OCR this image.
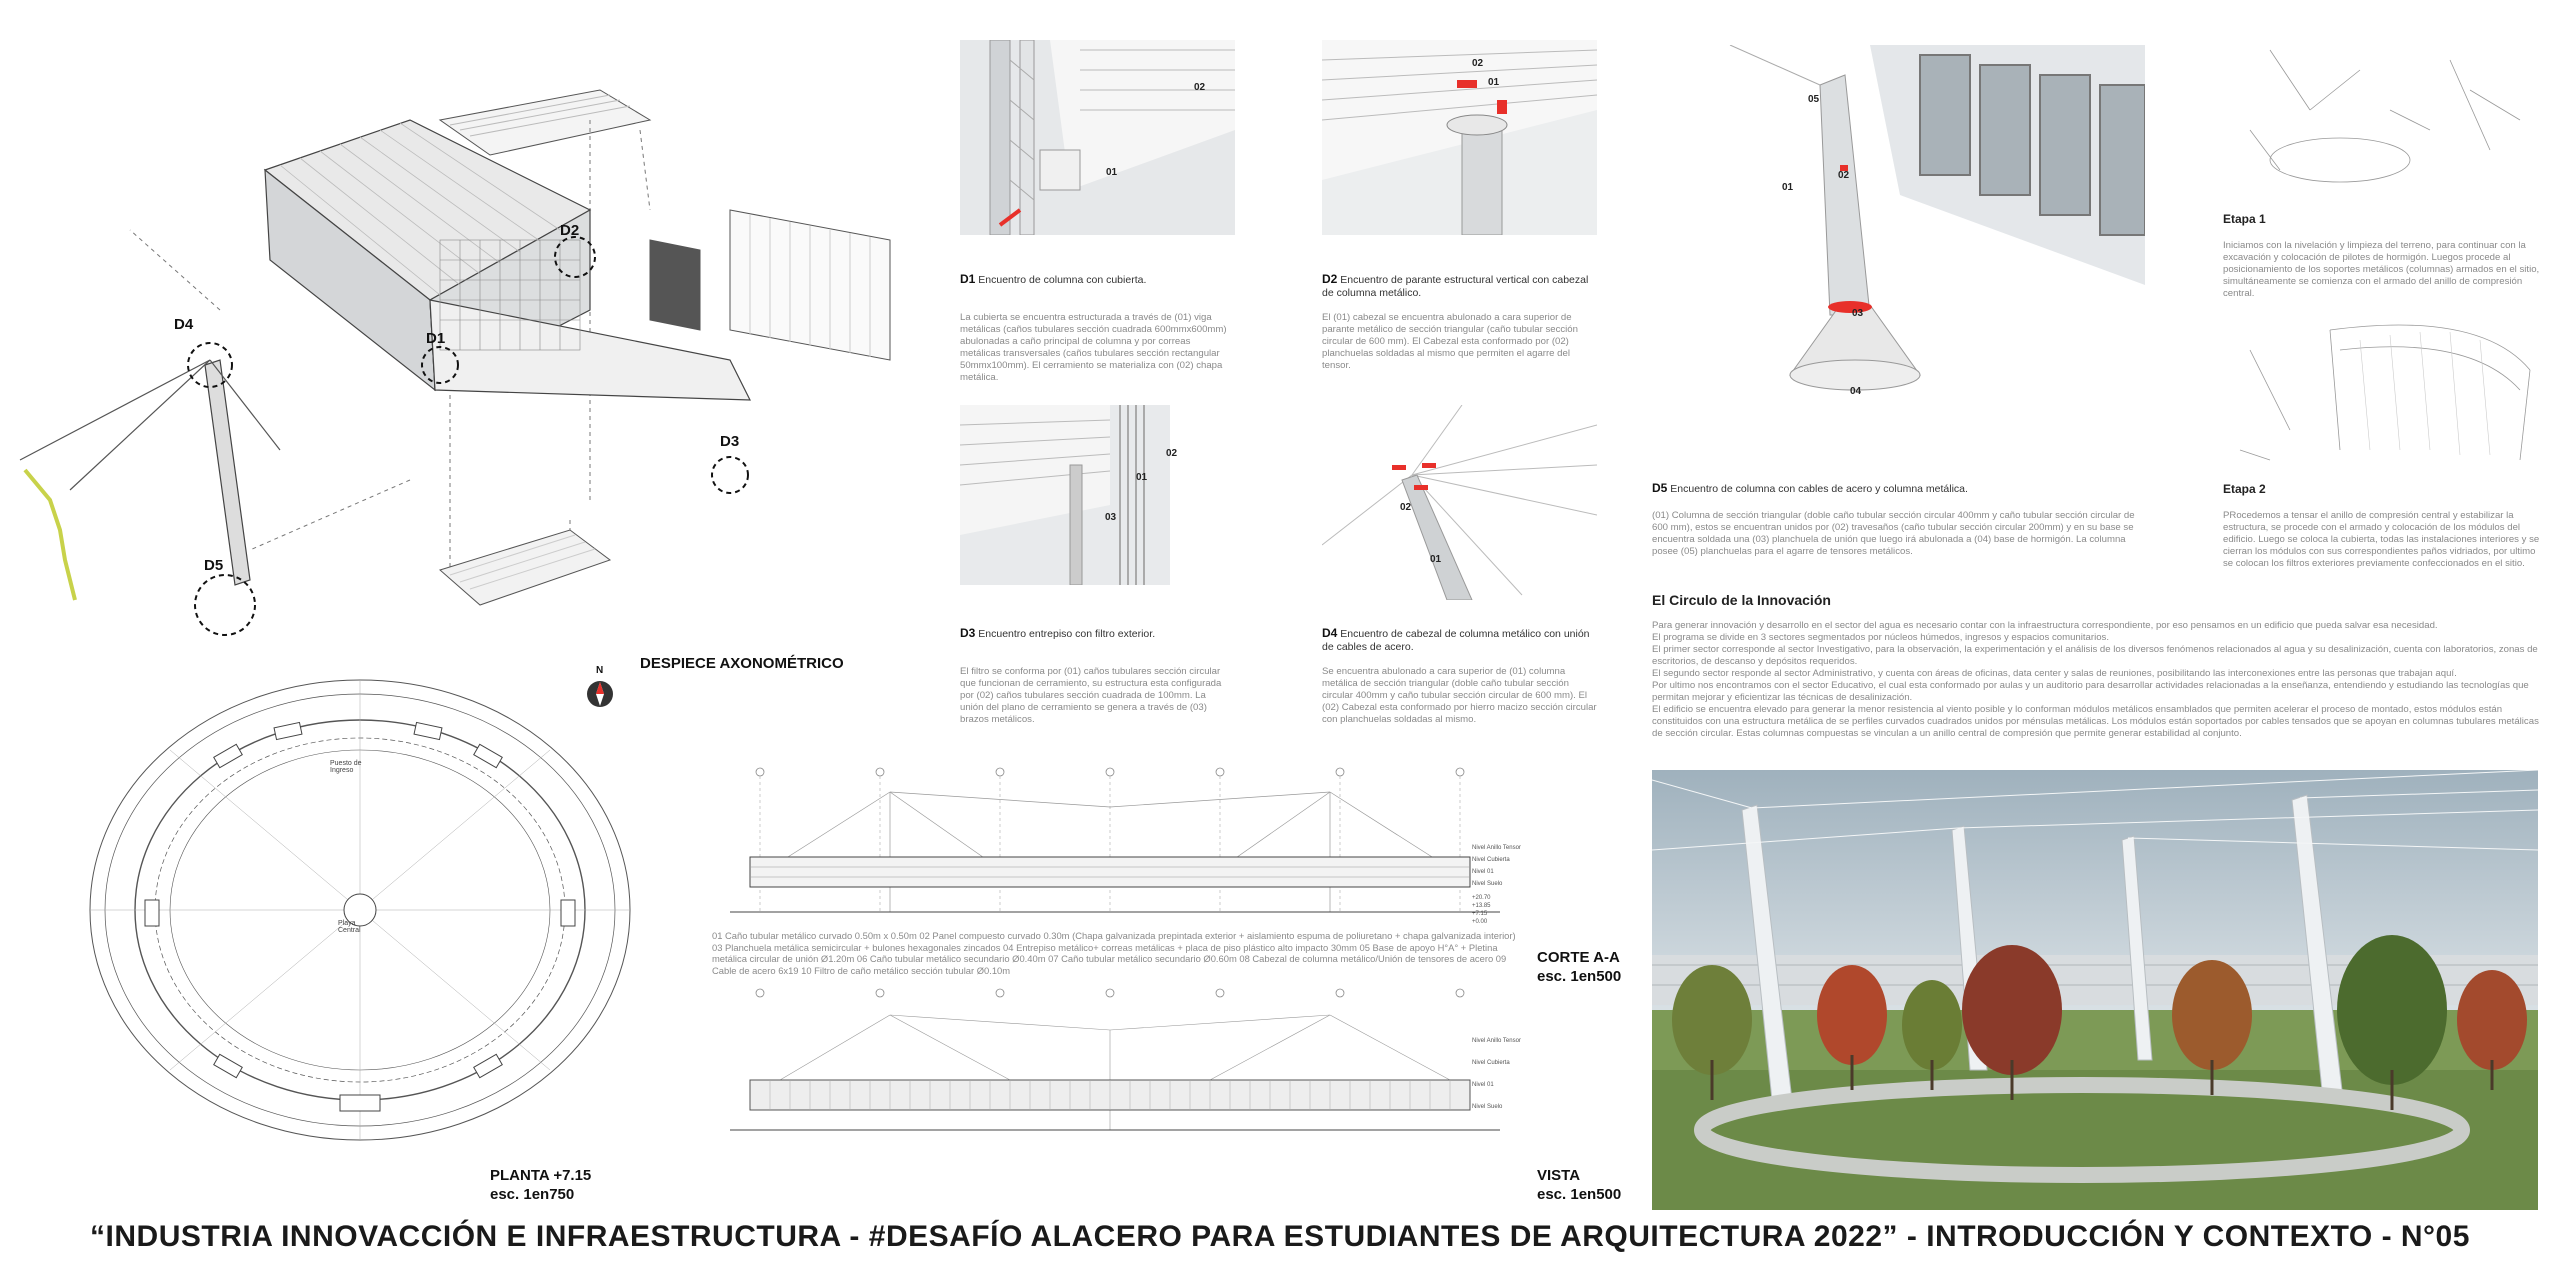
D4
D2
D1
D3
D5
DESPIECE AXONOMÉTRICO
Playa Central
Puesto de Ingreso
N
PLANTA +7.15
esc. 1en750
02
01
02
01
02
01
03
02
01
05
01
02
03
04
D1 Encuentro de columna con cubierta.
La cubierta se encuentra estructurada a través de (01) viga metálicas (caños tubulares sección cuadrada 600mmx600mm) abulonadas a caño principal de columna y por correas metálicas transversales (caños tubulares sección rectangular 50mmx100mm). El cerramiento se materializa con (02) chapa metálica.
D2 Encuentro de parante estructural vertical con cabezal de columna metálico.
El (01) cabezal se encuentra abulonado a cara superior de parante metálico de sección triangular (caño tubular sección circular de 600 mm). El Cabezal esta conformado por (02) planchuelas soldadas al mismo que permiten el agarre del tensor.
D3 Encuentro entrepiso con filtro exterior.
El filtro se conforma por (01) caños tubulares sección circular que funcionan de cerramiento, su estructura esta configurada por (02) caños tubulares sección cuadrada de 100mm. La unión del plano de cerramiento se genera a través de (03) brazos metálicos.
D4 Encuentro de cabezal de columna metálico con unión de cables de acero.
Se encuentra abulonado a cara superior de (01) columna metálica de sección triangular (doble caño tubular sección circular 400mm y caño tubular sección circular de 600 mm). El (02) Cabezal esta conformado por hierro macizo sección circular con planchuelas soldadas al mismo.
D5 Encuentro de columna con cables de acero y columna metálica.
(01) Columna de sección triangular (doble caño tubular sección circular 400mm y caño tubular sección circular de 600 mm), estos se encuentran unidos por (02) travesaños (caño tubular sección circular 200mm) y en su base se encuentra soldada una (03) planchuela de unión que luego irá abulonada a (04) base de hormigón. La columna posee (05) planchuelas para el agarre de tensores metálicos.
Etapa 1
Iniciamos con la nivelación y limpieza del terreno, para continuar con la excavación y colocación de pilotes de hormigón. Luegos procede al posicionamiento de los soportes metálicos (columnas) armados en el sitio, simultáneamente se comienza con el armado del anillo de compresión central.
Etapa 2
PRocedemos a tensar el anillo de compresión central y estabilizar la estructura, se procede con el armado y colocación de los módulos del edificio. Luego se coloca la cubierta, todas las instalaciones interiores y se cierran los módulos con sus correspondientes paños vidriados, por ultimo se colocan los filtros exteriores previamente confeccionados en el sitio.
El Circulo de la Innovación
Para generar innovación y desarrollo en el sector del agua es necesario contar con la infraestructura correspondiente, por eso pensamos en un edificio que pueda salvar esa necesidad.
El programa se divide en 3 sectores segmentados por núcleos húmedos, ingresos y espacios comunitarios.
El primer sector corresponde al sector Investigativo, para la observación, la experimentación y el análisis de los diversos fenómenos relacionados al agua y su desalinización, cuenta con laboratorios, zonas de escritorios, de descanso y depósitos requeridos.
El segundo sector responde al sector Administrativo, y cuenta con áreas de oficinas, data center y salas de reuniones, posibilitando las interconexiones entre las personas que trabajan aquí.
Por ultimo nos encontramos con el sector Educativo, el cual esta conformado por aulas y un auditorio para desarrollar actividades relacionadas a la enseñanza, entendiendo y estudiando las tecnologías que permitan mejorar y eficientizar las técnicas de desalinización.
El edificio se encuentra elevado para generar la menor resistencia al viento posible y lo conforman módulos metálicos ensamblados que permiten acelerar el proceso de montado, estos módulos están constituidos con una estructura metálica de se perfiles curvados cuadrados unidos por ménsulas metálicas. Los módulos están soportados por cables tensados que se apoyan en columnas tubulares metálicas de sección circular. Estas columnas compuestas se vinculan a un anillo central de compresión que permite generar estabilidad al conjunto.
Nivel Anillo Tensor
Nivel Cubierta
Nivel 01
Nivel Suelo
+20.70
+13.85
+7.15
+0.00
01 Caño tubular metálico curvado 0.50m x 0.50m 02 Panel compuesto curvado 0.30m (Chapa galvanizada prepintada exterior + aislamiento espuma de poliuretano + chapa galvanizada interior) 03 Planchuela metálica semicircular + bulones hexagonales zincados 04 Entrepiso metálico+ correas metálicas + placa de piso plástico alto impacto 30mm 05 Base de apoyo H°A° + Pletina metálica circular de unión Ø1.20m 06 Caño tubular metálico secundario Ø0.40m 07 Caño tubular metálico secundario Ø0.60m 08 Cabezal de columna metálico/Unión de tensores de acero 09 Cable de acero 6x19 10 Filtro de caño metálico sección tubular Ø0.10m
CORTE A-A
esc. 1en500
Nivel Anillo Tensor
Nivel Cubierta
Nivel 01
Nivel Suelo
VISTA
esc. 1en500
“INDUSTRIA INNOVACCIÓN E INFRAESTRUCTURA - #DESAFÍO ALACERO PARA ESTUDIANTES DE ARQUITECTURA 2022” - INTRODUCCIÓN Y CONTEXTO - N°05
